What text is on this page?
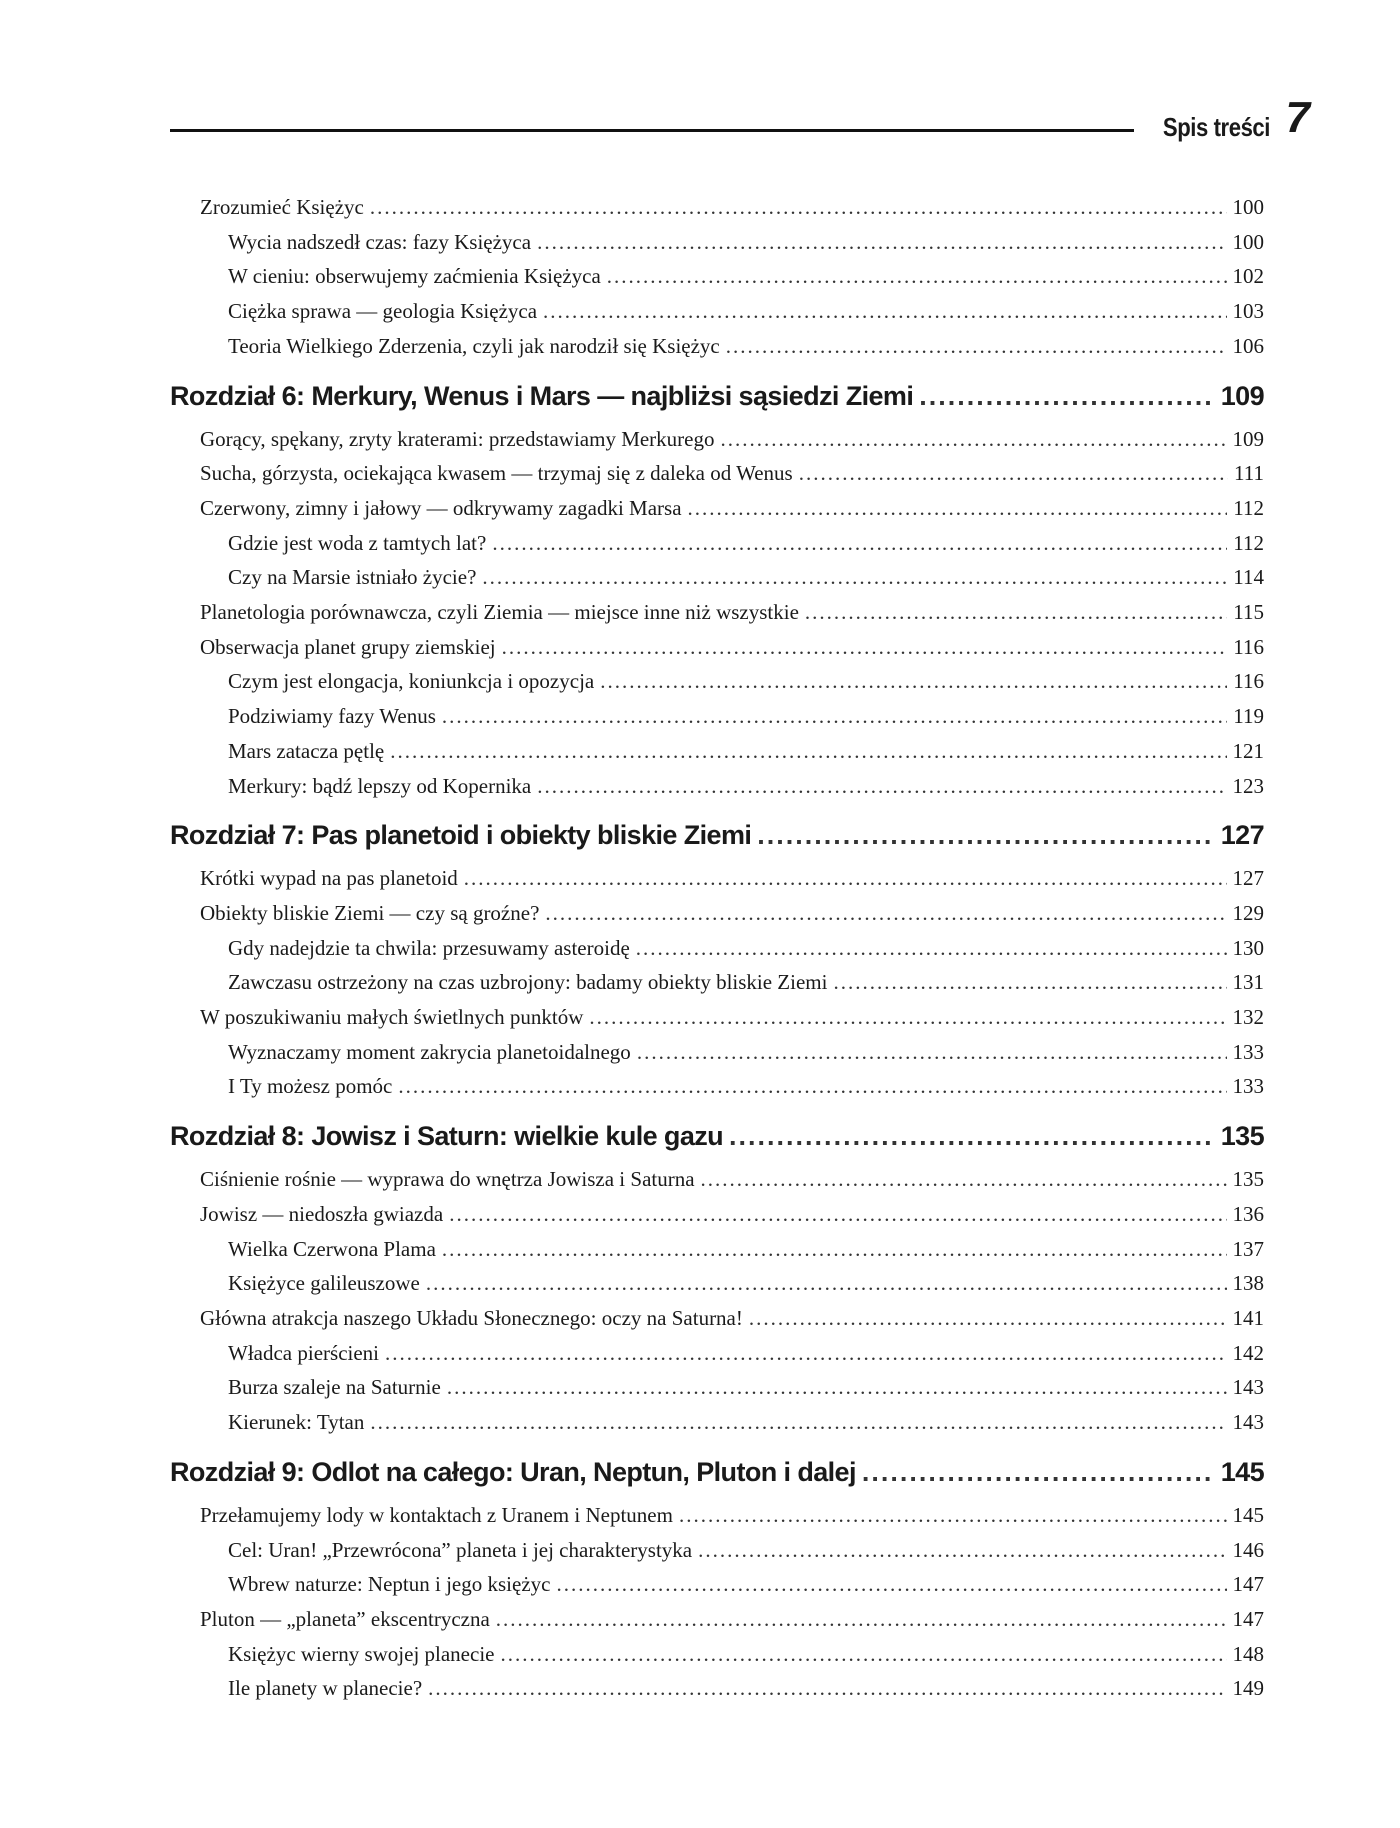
Spis treści 7
Zrozumieć Księżyc .....	100
Wycia nadszedł czas: fazy Księżyca .....	100
W cieniu: obserwujemy zaćmienia Księżyca .....	102
Ciężka sprawa — geologia Księżyca .....	103
Teoria Wielkiego Zderzenia, czyli jak narodził się Księżyc .....	106
Rozdział 6: Merkury, Wenus i Mars — najbliżsi sąsiedzi Ziemi .....	109
Gorący, spękany, zryty kraterami: przedstawiamy Merkurego .....	109
Sucha, górzysta, ociekająca kwasem — trzymaj się z daleka od Wenus .....	111
Czerwony, zimny i jałowy — odkrywamy zagadki Marsa .....	112
Gdzie jest woda z tamtych lat? .....	112
Czy na Marsie istniało życie? .....	114
Planetologia porównawcza, czyli Ziemia — miejsce inne niż wszystkie .....	115
Obserwacja planet grupy ziemskiej .....	116
Czym jest elongacja, koniunkcja i opozycja .....	116
Podziwiamy fazy Wenus .....	119
Mars zatacza pętlę .....	121
Merkury: bądź lepszy od Kopernika .....	123
Rozdział 7: Pas planetoid i obiekty bliskie Ziemi .....	127
Krótki wypad na pas planetoid .....	127
Obiekty bliskie Ziemi — czy są groźne? .....	129
Gdy nadejdzie ta chwila: przesuwamy asteroidę .....	130
Zawczasu ostrzeżony na czas uzbrojony: badamy obiekty bliskie Ziemi .....	131
W poszukiwaniu małych świetlnych punktów .....	132
Wyznaczamy moment zakrycia planetoidalnego .....	133
I Ty możesz pomóc .....	133
Rozdział 8: Jowisz i Saturn: wielkie kule gazu .....	135
Ciśnienie rośnie — wyprawa do wnętrza Jowisza i Saturna .....	135
Jowisz — niedoszła gwiazda .....	136
Wielka Czerwona Plama .....	137
Księżyce galileuszowe .....	138
Główna atrakcja naszego Układu Słonecznego: oczy na Saturna! .....	141
Władca pierścieni .....	142
Burza szaleje na Saturnie .....	143
Kierunek: Tytan .....	143
Rozdział 9: Odlot na całego: Uran, Neptun, Pluton i dalej .....	145
Przełamujemy lody w kontaktach z Uranem i Neptunem .....	145
Cel: Uran! „Przewrócona” planeta i jej charakterystyka .....	146
Wbrew naturze: Neptun i jego księżyc .....	147
Pluton — „planeta” ekscentryczna .....	147
Księżyc wierny swojej planecie .....	148
Ile planety w planecie? .....	149
